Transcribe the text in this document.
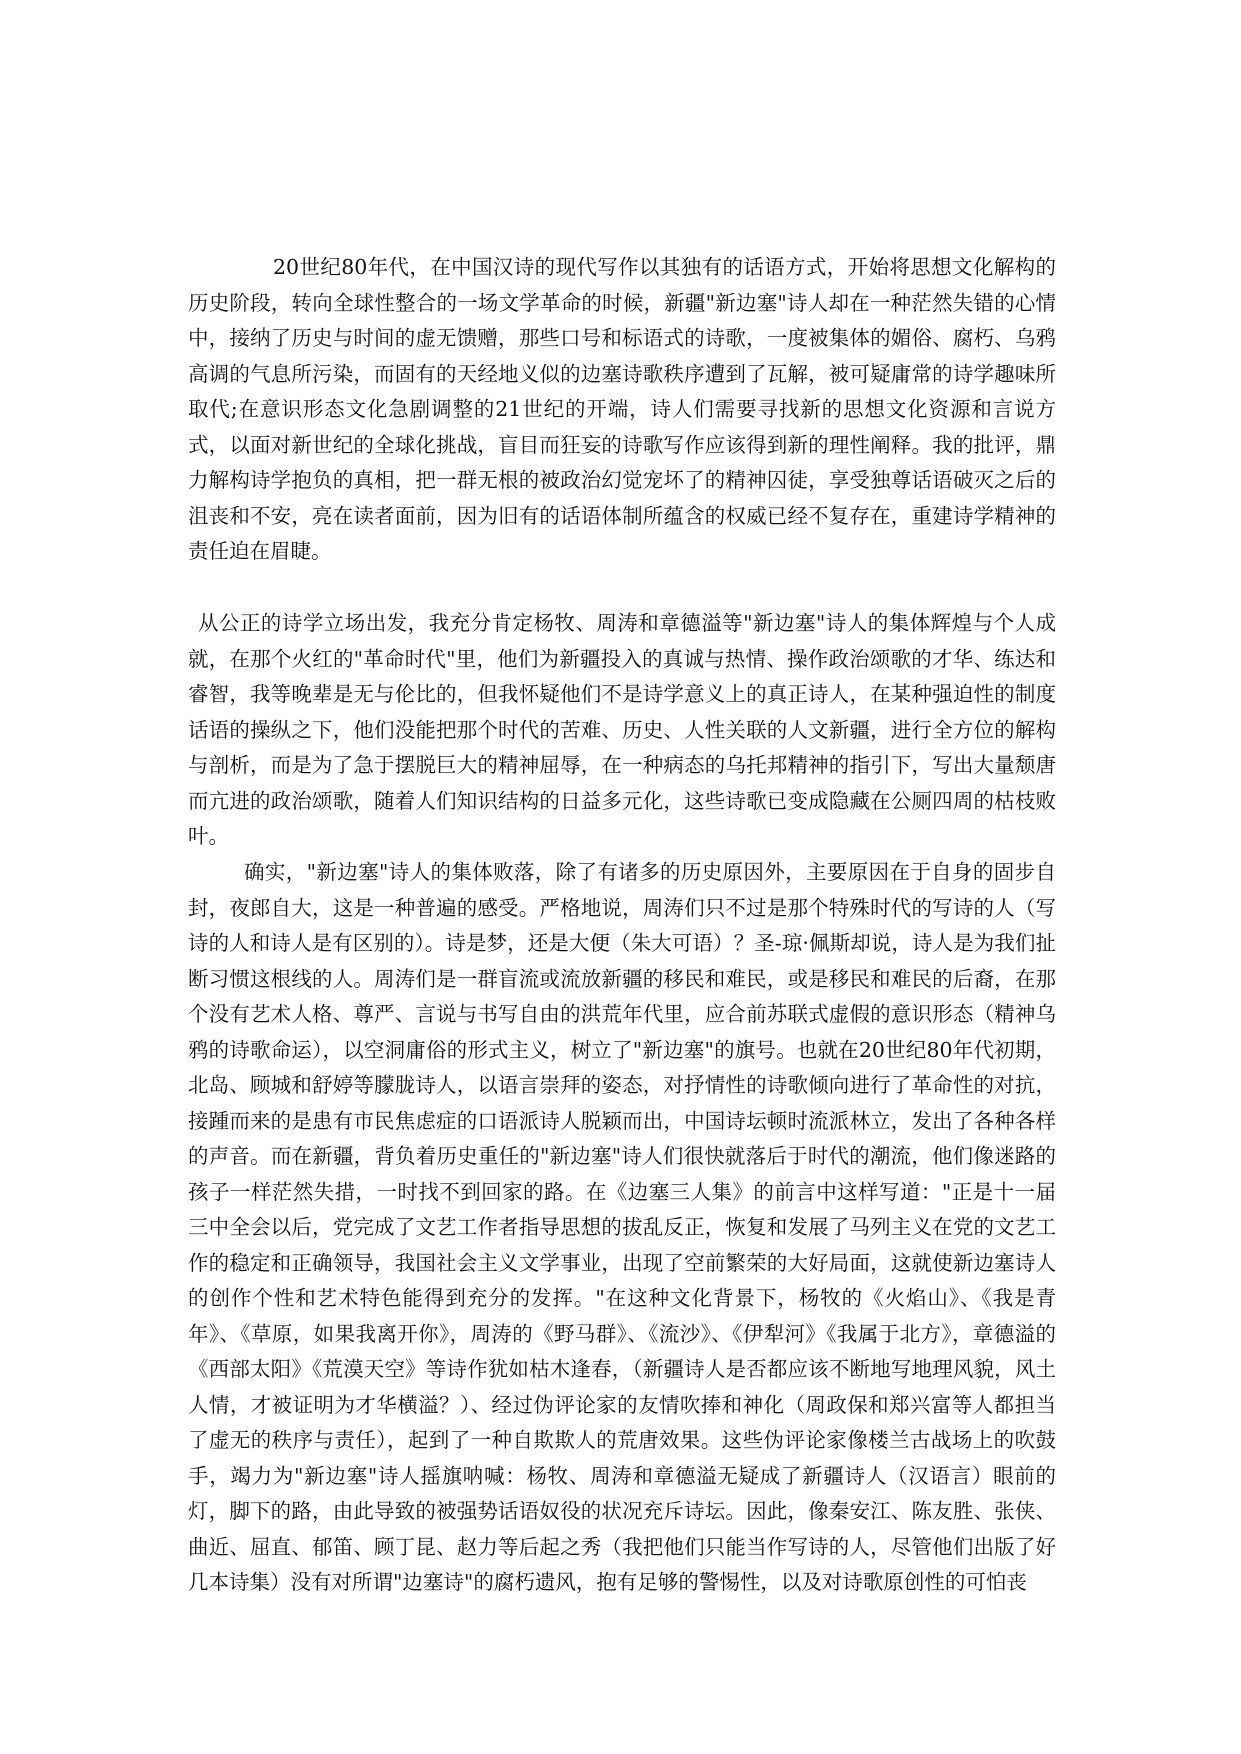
20世纪80年代，在中国汉诗的现代写作以其独有的话语方式，开始将思想文化解构的历史阶段，转向全球性整合的一场文学革命的时候，新疆"新边塞"诗人却在一种茫然失错的心情中，接纳了历史与时间的虚无馈赠，那些口号和标语式的诗歌，一度被集体的媚俗、腐朽、乌鸦高调的气息所污染，而固有的天经地义似的边塞诗歌秩序遭到了瓦解，被可疑庸常的诗学趣味所取代;在意识形态文化急剧调整的21世纪的开端，诗人们需要寻找新的思想文化资源和言说方式，以面对新世纪的全球化挑战，盲目而狂妄的诗歌写作应该得到新的理性阐释。我的批评，鼎力解构诗学抱负的真相，把一群无根的被政治幻觉宠坏了的精神囚徒，享受独尊话语破灭之后的沮丧和不安，亮在读者面前，因为旧有的话语体制所蕴含的权威已经不复存在，重建诗学精神的责任迫在眉睫。

从公正的诗学立场出发，我充分肯定杨牧、周涛和章德溢等"新边塞"诗人的集体辉煌与个人成就，在那个火红的"革命时代"里，他们为新疆投入的真诚与热情、操作政治颂歌的才华、练达和睿智，我等晚辈是无与伦比的，但我怀疑他们不是诗学意义上的真正诗人，在某种强迫性的制度话语的操纵之下，他们没能把那个时代的苦难、历史、人性关联的人文新疆，进行全方位的解构与剖析，而是为了急于摆脱巨大的精神屈辱，在一种病态的乌托邦精神的指引下，写出大量颓唐而亢进的政治颂歌，随着人们知识结构的日益多元化，这些诗歌已变成隐藏在公厕四周的枯枝败叶。

确实，"新边塞"诗人的集体败落，除了有诸多的历史原因外，主要原因在于自身的固步自封，夜郎自大，这是一种普遍的感受。严格地说，周涛们只不过是那个特殊时代的写诗的人（写诗的人和诗人是有区别的）。诗是梦，还是大便（朱大可语）？圣-琼·佩斯却说，诗人是为我们扯断习惯这根线的人。周涛们是一群盲流或流放新疆的移民和难民，或是移民和难民的后裔，在那个没有艺术人格、尊严、言说与书写自由的洪荒年代里，应合前苏联式虚假的意识形态（精神乌鸦的诗歌命运），以空洞庸俗的形式主义，树立了"新边塞"的旗号。也就在20世纪80年代初期，北岛、顾城和舒婷等朦胧诗人，以语言崇拜的姿态，对抒情性的诗歌倾向进行了革命性的对抗，接踵而来的是患有市民焦虑症的口语派诗人脱颖而出，中国诗坛顿时流派林立，发出了各种各样的声音。而在新疆，背负着历史重任的"新边塞"诗人们很快就落后于时代的潮流，他们像迷路的孩子一样茫然失措，一时找不到回家的路。在《边塞三人集》的前言中这样写道："正是十一届三中全会以后，党完成了文艺工作者指导思想的拔乱反正，恢复和发展了马列主义在党的文艺工作的稳定和正确领导，我国社会主义文学事业，出现了空前繁荣的大好局面，这就使新边塞诗人的创作个性和艺术特色能得到充分的发挥。"在这种文化背景下，杨牧的《火焰山》、《我是青年》、《草原，如果我离开你》，周涛的《野马群》、《流沙》、《伊犁河》《我属于北方》，章德溢的《西部太阳》《荒漠天空》等诗作犹如枯木逢春，（新疆诗人是否都应该不断地写地理风貌，风土人情，才被证明为才华横溢？）、经过伪评论家的友情吹捧和神化（周政保和郑兴富等人都担当了虚无的秩序与责任），起到了一种自欺欺人的荒唐效果。这些伪评论家像楼兰古战场上的吹鼓手，竭力为"新边塞"诗人摇旗呐喊：杨牧、周涛和章德溢无疑成了新疆诗人（汉语言）眼前的灯，脚下的路，由此导致的被强势话语奴役的状况充斥诗坛。因此，像秦安江、陈友胜、张侠、曲近、屈直、郁笛、顾丁昆、赵力等后起之秀（我把他们只能当作写诗的人，尽管他们出版了好几本诗集）没有对所谓"边塞诗"的腐朽遗风，抱有足够的警惕性，以及对诗歌原创性的可怕丧
